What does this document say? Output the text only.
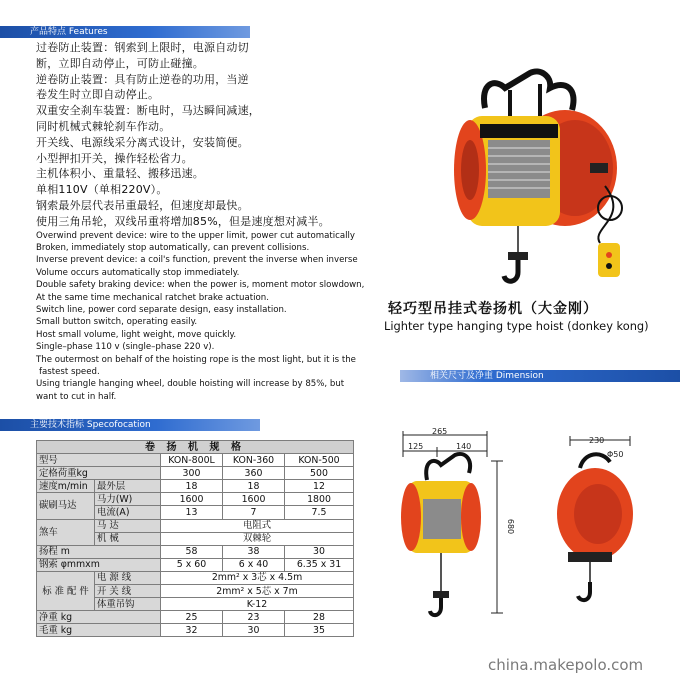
产品特点 Features
相关尺寸及净重 Dimension
主要技术指标 Specofocation
过卷防止装置：钢索到上限时，电源自动切
断，立即自动停止，可防止碰撞。
逆卷防止装置：具有防止逆卷的功用，当逆
卷发生时立即自动停止。
双重安全刹车装置：断电时，马达瞬间减速，
同时机械式棘轮刹车作动。
开关线、电源线采分离式设计，安装简便。
小型押扣开关，操作轻松省力。
主机体积小、重量轻、搬移迅速。
单相110V（单相220V）。
钢索最外层代表吊重最轻，但速度却最快。
使用三角吊轮，双线吊重将增加85%，但是速度想对减半。
Overwind prevent device: wire to the upper limit, power cut automatically
Broken, immediately stop automatically, can prevent collisions.
Inverse prevent device: a coil's function, prevent the inverse when inverse
Volume occurs automatically stop immediately.
Double safety braking device: when the power is, moment motor slowdown,
At the same time mechanical ratchet brake actuation.
Switch line, power cord separate design, easy installation.
Small button switch, operating easily.
Host small volume, light weight, move quickly.
Single–phase 110 v (single–phase 220 v).
The outermost on behalf of the hoisting rope is the most light, but it is the
fastest speed.
Using triangle hanging wheel, double hoisting will increase by 85%, but
want to cut in half.
轻巧型吊挂式卷扬机（大金刚）
Lighter type hanging type hoist (donkey kong)
265
125	140
680
230
Φ50
卷 扬 机 规 格				
型号		KON-800L	KON-360	KON-500
定格荷重kg		300	360	500
速度m/min	最外层	18	18	12
碳刷马达	马力(W)	1600	1600	1800
	电流(A)	13	7	7.5
煞车	马 达	电阻式		
	机 械	双棘轮		
扬程 m		58	38	30
钢索 φmmxm		5 x 60	6 x 40	6.35 x 31
标 准 配 件	电 源 线	2mm² x 3芯 x 4.5m		
	开 关 线	2mm² x 5芯 x 7m		
	体重吊钩	K-12		
净重 kg		25	23	28
毛重 kg		32	30	35
china.makepolo.com
